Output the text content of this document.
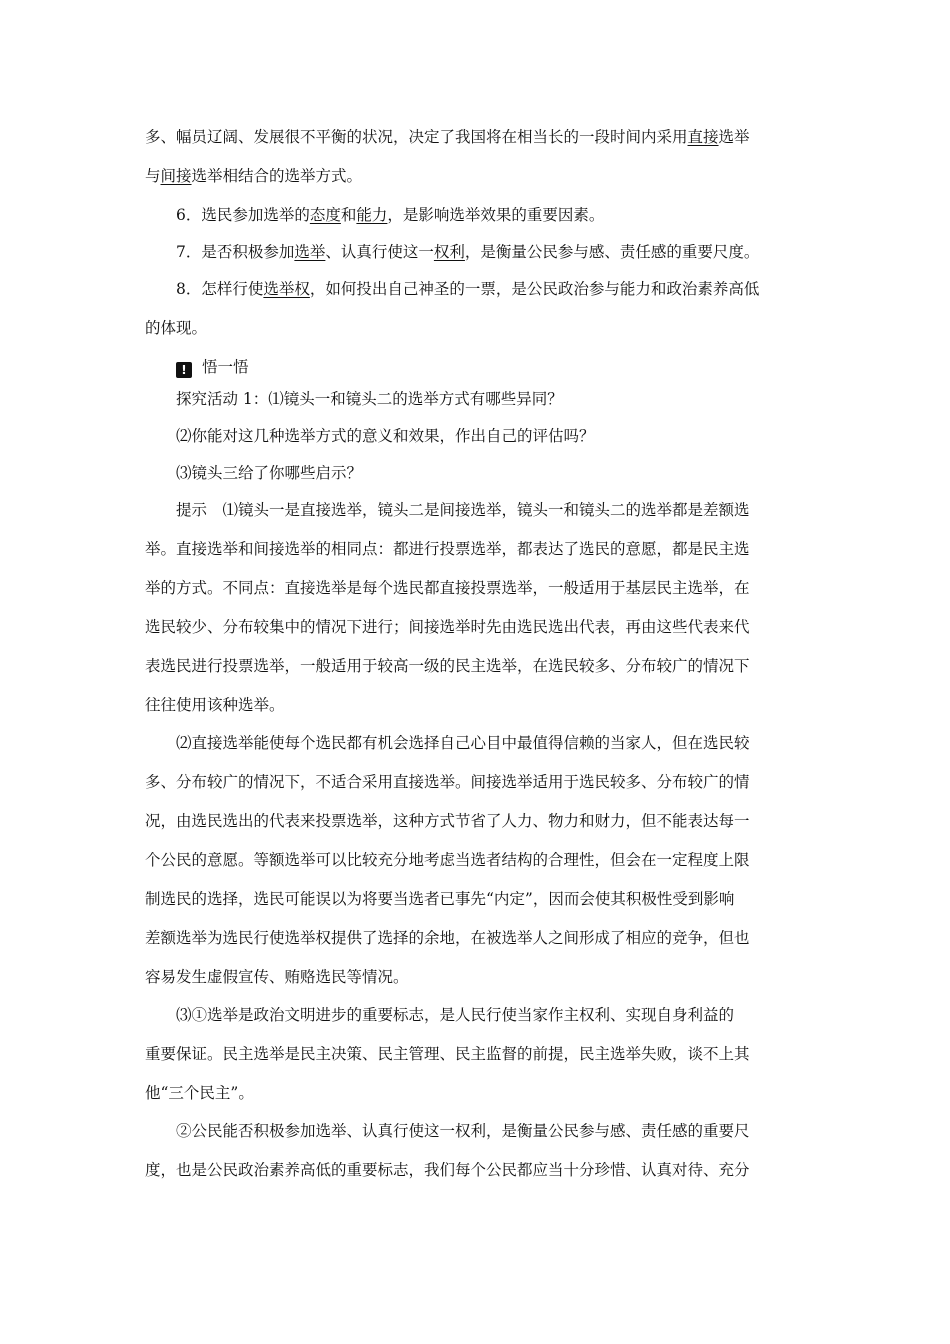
多、幅员辽阔、发展很不平衡的状况，决定了我国将在相当长的一段时间内采用直接选举
与间接选举相结合的选举方式。
6．选民参加选举的态度和能力，是影响选举效果的重要因素。
7．是否积极参加选举、认真行使这一权利，是衡量公民参与感、责任感的重要尺度。
8．怎样行使选举权，如何投出自己神圣的一票，是公民政治参与能力和政治素养高低
的体现。
! 悟一悟
探究活动 1：⑴镜头一和镜头二的选举方式有哪些异同？
⑵你能对这几种选举方式的意义和效果，作出自己的评估吗？
⑶镜头三给了你哪些启示？
提示　⑴镜头一是直接选举，镜头二是间接选举，镜头一和镜头二的选举都是差额选
举。直接选举和间接选举的相同点：都进行投票选举，都表达了选民的意愿，都是民主选
举的方式。不同点：直接选举是每个选民都直接投票选举，一般适用于基层民主选举，在
选民较少、分布较集中的情况下进行；间接选举时先由选民选出代表，再由这些代表来代
表选民进行投票选举，一般适用于较高一级的民主选举，在选民较多、分布较广的情况下
往往使用该种选举。
⑵直接选举能使每个选民都有机会选择自己心目中最值得信赖的当家人，但在选民较
多、分布较广的情况下，不适合采用直接选举。间接选举适用于选民较多、分布较广的情
况，由选民选出的代表来投票选举，这种方式节省了人力、物力和财力，但不能表达每一
个公民的意愿。等额选举可以比较充分地考虑当选者结构的合理性，但会在一定程度上限
制选民的选择，选民可能误以为将要当选者已事先“内定”，因而会使其积极性受到影响
差额选举为选民行使选举权提供了选择的余地，在被选举人之间形成了相应的竞争，但也
容易发生虚假宣传、贿赂选民等情况。
⑶①选举是政治文明进步的重要标志，是人民行使当家作主权利、实现自身利益的
重要保证。民主选举是民主决策、民主管理、民主监督的前提，民主选举失败，谈不上其
他“三个民主”。
②公民能否积极参加选举、认真行使这一权利，是衡量公民参与感、责任感的重要尺
度，也是公民政治素养高低的重要标志，我们每个公民都应当十分珍惜、认真对待、充分
